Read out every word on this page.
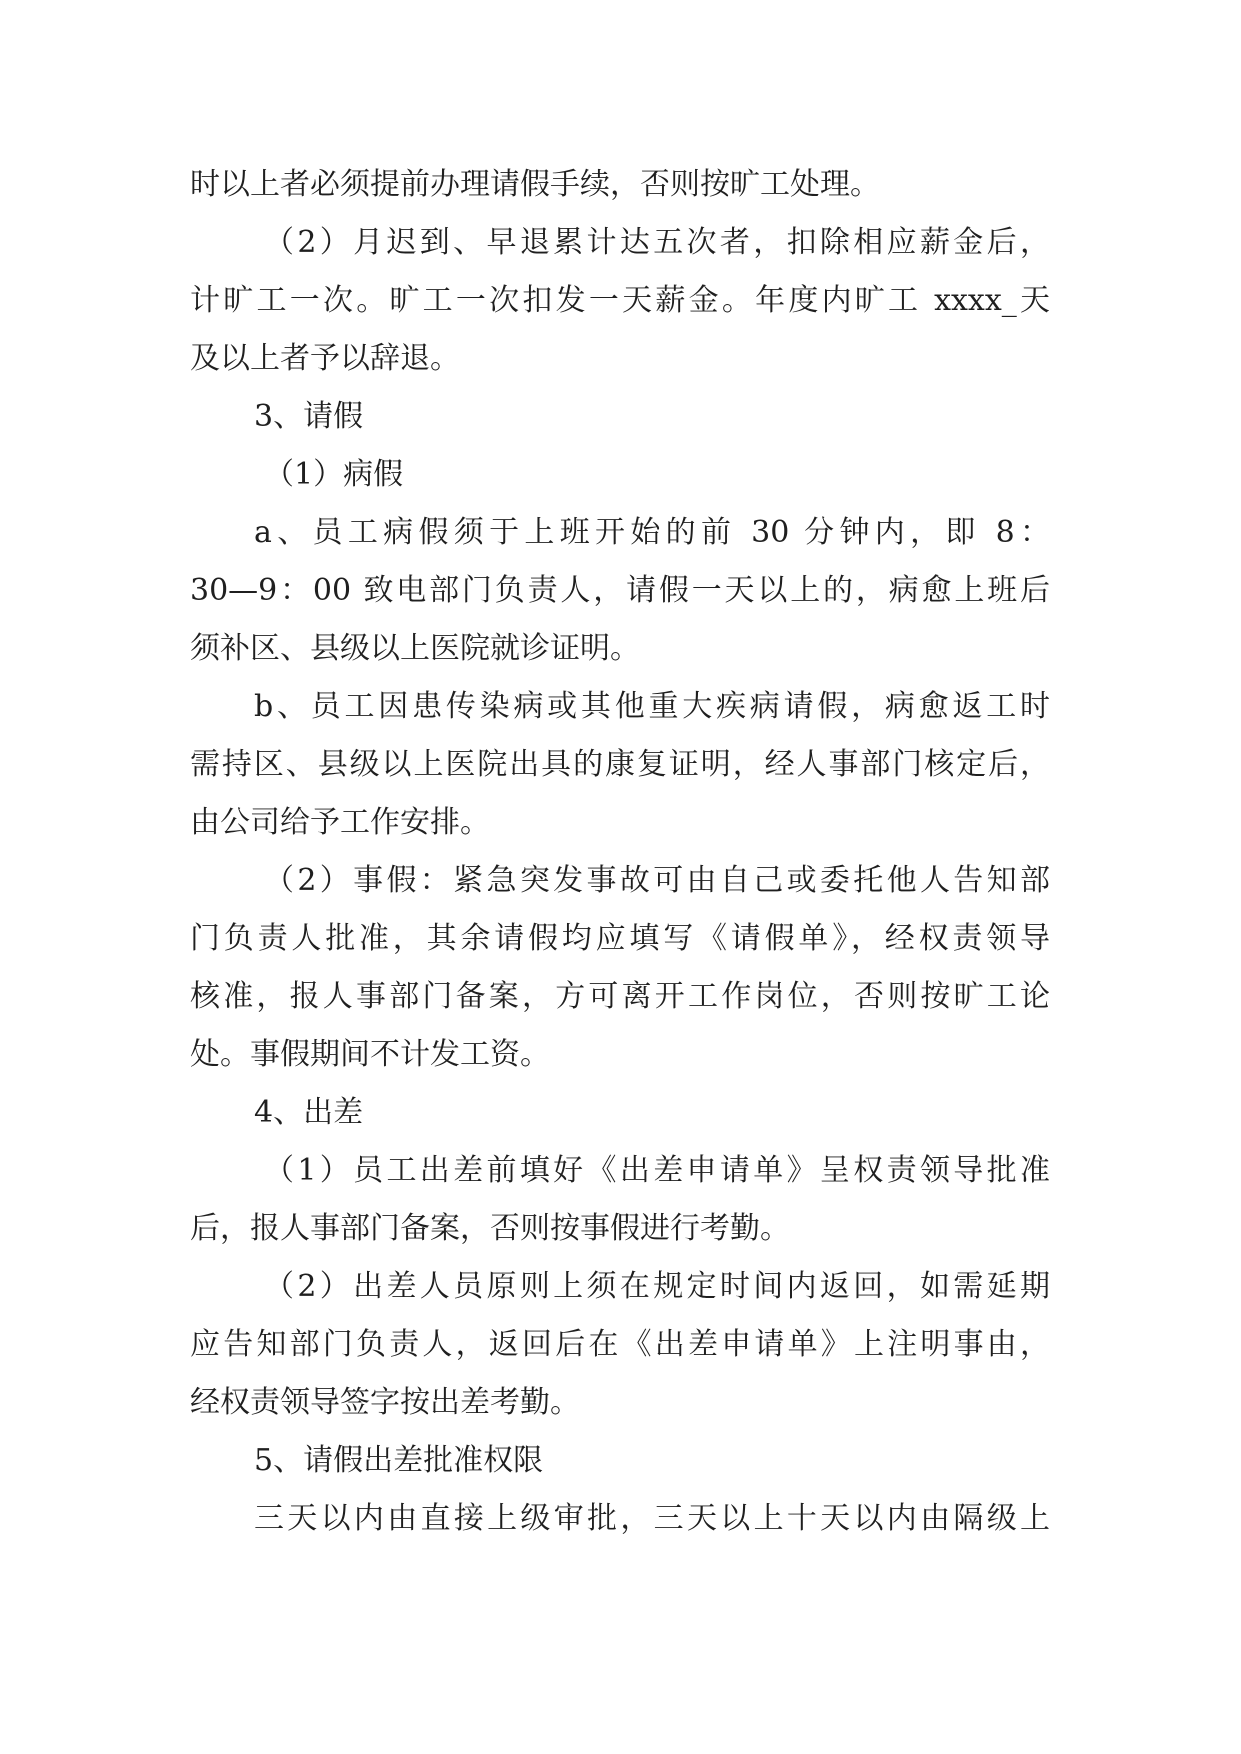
时以上者必须提前办理请假手续，否则按旷工处理。
（2）月迟到、早退累计达五次者，扣除相应薪金后，
计旷工一次。旷工一次扣发一天薪金。年度内旷工 xxxx_天
及以上者予以辞退。
3、请假
（1）病假
a、员工病假须于上班开始的前 30 分钟内，即 8：
30—9：00 致电部门负责人，请假一天以上的，病愈上班后
须补区、县级以上医院就诊证明。
b、员工因患传染病或其他重大疾病请假，病愈返工时
需持区、县级以上医院出具的康复证明，经人事部门核定后，
由公司给予工作安排。
（2）事假：紧急突发事故可由自己或委托他人告知部
门负责人批准，其余请假均应填写《请假单》，经权责领导
核准，报人事部门备案，方可离开工作岗位，否则按旷工论
处。事假期间不计发工资。
4、出差
（1）员工出差前填好《出差申请单》呈权责领导批准
后，报人事部门备案，否则按事假进行考勤。
（2）出差人员原则上须在规定时间内返回，如需延期
应告知部门负责人，返回后在《出差申请单》上注明事由，
经权责领导签字按出差考勤。
5、请假出差批准权限
三天以内由直接上级审批，三天以上十天以内由隔级上
